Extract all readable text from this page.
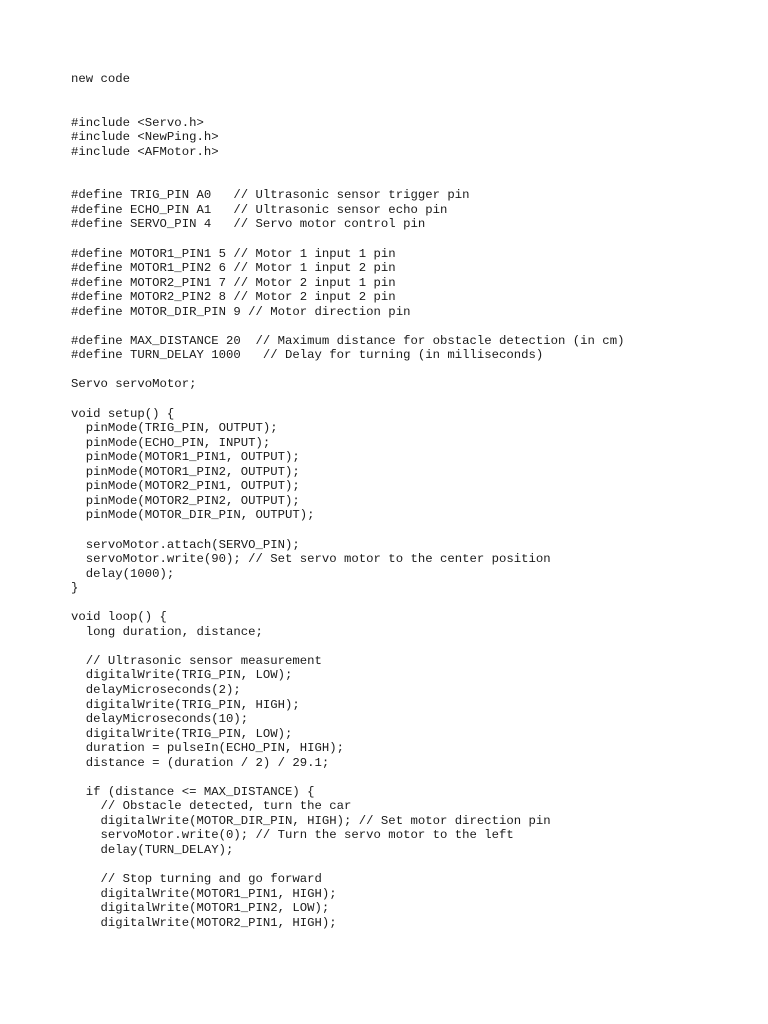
new code
#include <Servo.h>
#include <NewPing.h>
#include <AFMotor.h>
#define TRIG_PIN A0   // Ultrasonic sensor trigger pin
#define ECHO_PIN A1   // Ultrasonic sensor echo pin
#define SERVO_PIN 4   // Servo motor control pin
#define MOTOR1_PIN1 5 // Motor 1 input 1 pin
#define MOTOR1_PIN2 6 // Motor 1 input 2 pin
#define MOTOR2_PIN1 7 // Motor 2 input 1 pin
#define MOTOR2_PIN2 8 // Motor 2 input 2 pin
#define MOTOR_DIR_PIN 9 // Motor direction pin
#define MAX_DISTANCE 20  // Maximum distance for obstacle detection (in cm)
#define TURN_DELAY 1000   // Delay for turning (in milliseconds)
Servo servoMotor;
void setup() {
pinMode(TRIG_PIN, OUTPUT);
pinMode(ECHO_PIN, INPUT);
pinMode(MOTOR1_PIN1, OUTPUT);
pinMode(MOTOR1_PIN2, OUTPUT);
pinMode(MOTOR2_PIN1, OUTPUT);
pinMode(MOTOR2_PIN2, OUTPUT);
pinMode(MOTOR_DIR_PIN, OUTPUT);
servoMotor.attach(SERVO_PIN);
servoMotor.write(90); // Set servo motor to the center position
delay(1000);
}
void loop() {
long duration, distance;
// Ultrasonic sensor measurement
digitalWrite(TRIG_PIN, LOW);
delayMicroseconds(2);
digitalWrite(TRIG_PIN, HIGH);
delayMicroseconds(10);
digitalWrite(TRIG_PIN, LOW);
duration = pulseIn(ECHO_PIN, HIGH);
distance = (duration / 2) / 29.1;
if (distance <= MAX_DISTANCE) {
// Obstacle detected, turn the car
digitalWrite(MOTOR_DIR_PIN, HIGH); // Set motor direction pin
servoMotor.write(0); // Turn the servo motor to the left
delay(TURN_DELAY);
// Stop turning and go forward
digitalWrite(MOTOR1_PIN1, HIGH);
digitalWrite(MOTOR1_PIN2, LOW);
digitalWrite(MOTOR2_PIN1, HIGH);
